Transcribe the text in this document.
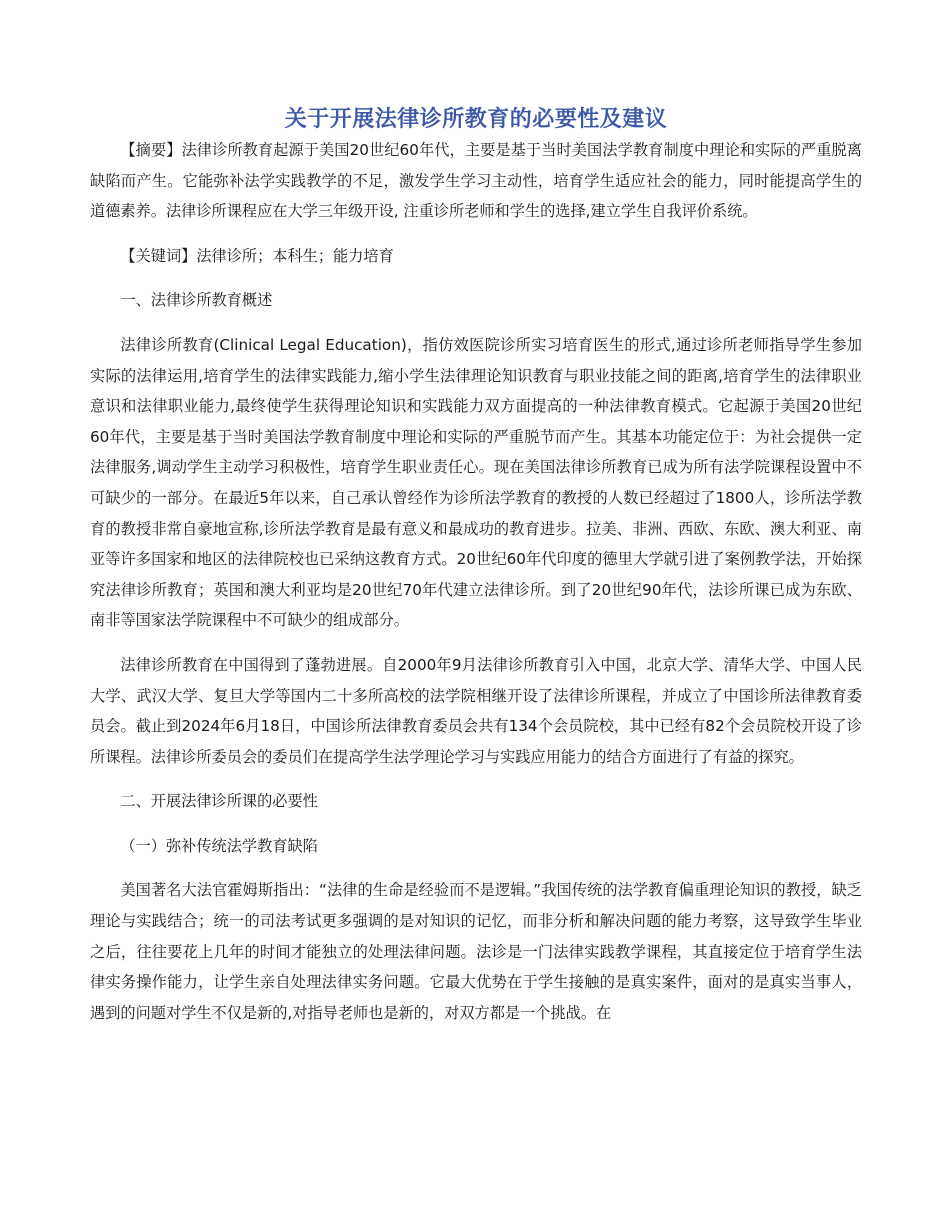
关于开展法律诊所教育的必要性及建议

【摘要】法律诊所教育起源于美国20世纪60年代，主要是基于当时美国法学教育制度中理论和实际的严重脱离缺陷而产生。它能弥补法学实践教学的不足，激发学生学习主动性，培育学生适应社会的能力，同时能提高学生的道德素养。法律诊所课程应在大学三年级开设, 注重诊所老师和学生的选择,建立学生自我评价系统。

【关键词】法律诊所；本科生；能力培育

一、法律诊所教育概述

法律诊所教育(Clinical Legal Education)，指仿效医院诊所实习培育医生的形式,通过诊所老师指导学生参加实际的法律运用,培育学生的法律实践能力,缩小学生法律理论知识教育与职业技能之间的距离,培育学生的法律职业意识和法律职业能力,最终使学生获得理论知识和实践能力双方面提高的一种法律教育模式。它起源于美国20世纪60年代，主要是基于当时美国法学教育制度中理论和实际的严重脱节而产生。其基本功能定位于：为社会提供一定法律服务,调动学生主动学习积极性，培育学生职业责任心。现在美国法律诊所教育已成为所有法学院课程设置中不可缺少的一部分。在最近5年以来，自己承认曾经作为诊所法学教育的教授的人数已经超过了1800人，诊所法学教育的教授非常自豪地宣称,诊所法学教育是最有意义和最成功的教育进步。拉美、非洲、西欧、东欧、澳大利亚、南亚等许多国家和地区的法律院校也已采纳这教育方式。20世纪60年代印度的德里大学就引进了案例教学法，开始探究法律诊所教育；英国和澳大利亚均是20世纪70年代建立法律诊所。到了20世纪90年代，法诊所课已成为东欧、南非等国家法学院课程中不可缺少的组成部分。

法律诊所教育在中国得到了蓬勃进展。自2000年9月法律诊所教育引入中国，北京大学、清华大学、中国人民大学、武汉大学、复旦大学等国内二十多所高校的法学院相继开设了法律诊所课程，并成立了中国诊所法律教育委员会。截止到2024年6月18日，中国诊所法律教育委员会共有134个会员院校，其中已经有82个会员院校开设了诊所课程。法律诊所委员会的委员们在提高学生法学理论学习与实践应用能力的结合方面进行了有益的探究。

二、开展法律诊所课的必要性

（一）弥补传统法学教育缺陷

美国著名大法官霍姆斯指出：“法律的生命是经验而不是逻辑。”我国传统的法学教育偏重理论知识的教授，缺乏理论与实践结合；统一的司法考试更多强调的是对知识的记忆，而非分析和解决问题的能力考察，这导致学生毕业之后，往往要花上几年的时间才能独立的处理法律问题。法诊是一门法律实践教学课程，其直接定位于培育学生法律实务操作能力，让学生亲自处理法律实务问题。它最大优势在于学生接触的是真实案件，面对的是真实当事人，遇到的问题对学生不仅是新的,对指导老师也是新的，对双方都是一个挑战。在
